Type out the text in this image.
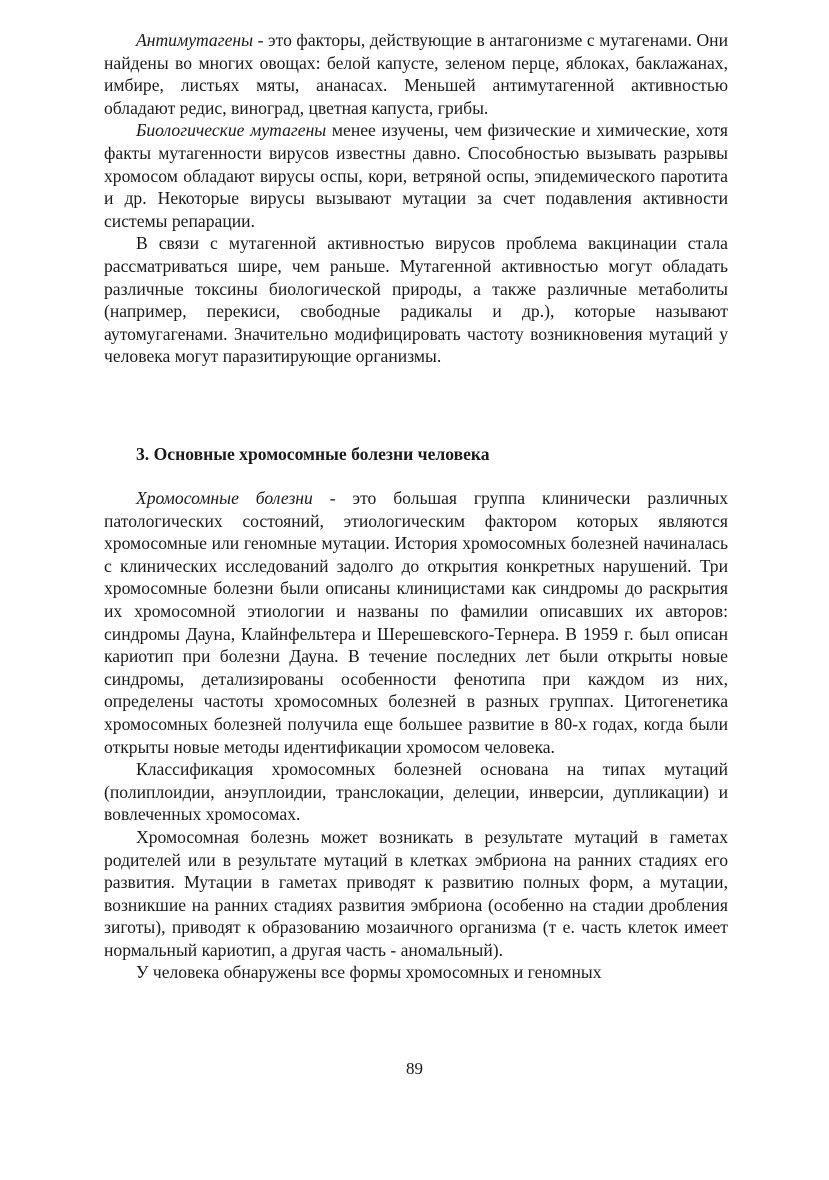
Антимутагены - это факторы, действующие в антагонизме с мутагенами. Они найдены во многих овощах: белой капусте, зеленом перце, яблоках, баклажанах, имбире, листьях мяты, ананасах. Меньшей антимутагенной активностью обладают редис, виноград, цветная капуста, грибы.

Биологические мутагены менее изучены, чем физические и химические, хотя факты мутагенности вирусов известны давно. Способностью вызывать разрывы хромосом обладают вирусы оспы, кори, ветряной оспы, эпидемического паротита и др. Некоторые вирусы вызывают мутации за счет подавления активности системы репарации.

В связи с мутагенной активностью вирусов проблема вакцинации стала рассматриваться шире, чем раньше. Мутагенной активностью могут обладать различные токсины биологической природы, а также различные метаболиты (например, перекиси, свободные радикалы и др.), которые называют аутомугагенами. Значительно модифицировать частоту возникновения мутаций у человека могут паразитирующие организмы.

3. Основные хромосомные болезни человека

Хромосомные болезни - это большая группа клинически различных патологических состояний, этиологическим фактором которых являются хромосомные или геномные мутации. История хромосомных болезней начиналась с клинических исследований задолго до открытия конкретных нарушений. Три хромосомные болезни были описаны клиницистами как синдромы до раскрытия их хромосомной этиологии и названы по фамилии описавших их авторов: синдромы Дауна, Клайнфельтера и Шерешевского-Тернера. В 1959 г. был описан кариотип при болезни Дауна. В течение последних лет были открыты новые синдромы, детализированы особенности фенотипа при каждом из них, определены частоты хромосомных болезней в разных группах. Цитогенетика хромосомных болезней получила еще большее развитие в 80-х годах, когда были открыты новые методы идентификации хромосом человека.

Классификация хромосомных болезней основана на типах мутаций (полиплоидии, анэуплоидии, транслокации, делеции, инверсии, дупликации) и вовлеченных хромосомах.

Хромосомная болезнь может возникать в результате мутаций в гаметах родителей или в результате мутаций в клетках эмбриона на ранних стадиях его развития. Мутации в гаметах приводят к развитию полных форм, а мутации, возникшие на ранних стадиях развития эмбриона (особенно на стадии дробления зиготы), приводят к образованию мозаичного организма (т е. часть клеток имеет нормальный кариотип, а другая часть - аномальный).

У человека обнаружены все формы хромосомных и геномных

89
